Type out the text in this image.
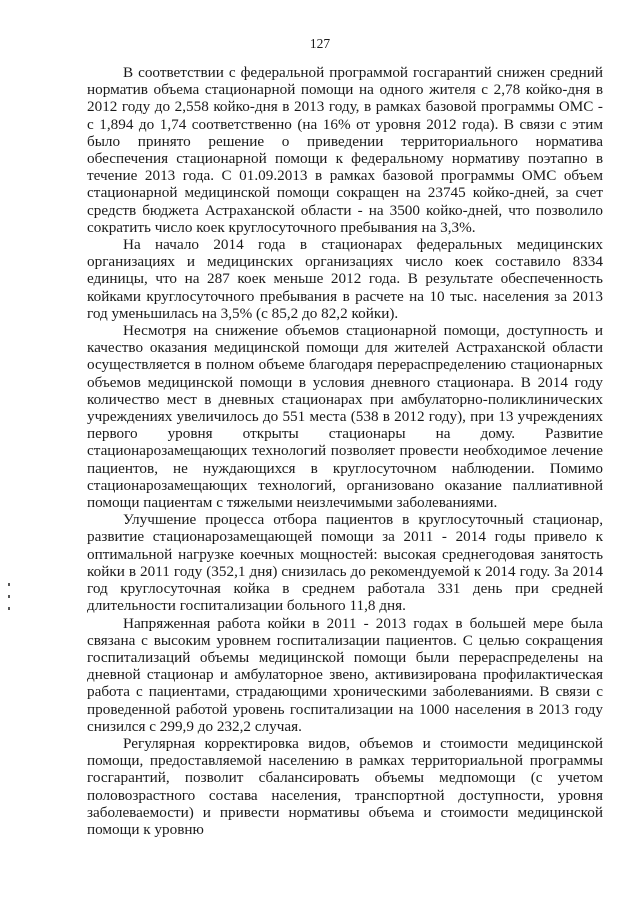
127

В соответствии с федеральной программой госгарантий снижен средний норматив объема стационарной помощи на одного жителя с 2,78 койко-дня в 2012 году до 2,558 койко-дня в 2013 году, в рамках базовой программы ОМС - с 1,894 до 1,74 соответственно (на 16% от уровня 2012 года). В связи с этим было принято решение о приведении территориального норматива обеспечения стационарной помощи к федеральному нормативу поэтапно в течение 2013 года. С 01.09.2013 в рамках базовой программы ОМС объем стационарной медицинской помощи сокращен на 23745 койко-дней, за счет средств бюджета Астраханской области - на 3500 койко-дней, что позволило сократить число коек круглосуточного пребывания на 3,3%.

На начало 2014 года в стационарах федеральных медицинских организациях и медицинских организациях число коек составило 8334 единицы, что на 287 коек меньше 2012 года. В результате обеспеченность койками круглосуточного пребывания в расчете на 10 тыс. населения за 2013 год уменьшилась на 3,5% (с 85,2 до 82,2 койки).

Несмотря на снижение объемов стационарной помощи, доступность и качество оказания медицинской помощи для жителей Астраханской области осуществляется в полном объеме благодаря перераспределению стационарных объемов медицинской помощи в условия дневного стационара. В 2014 году количество мест в дневных стационарах при амбулаторно-поликлинических учреждениях увеличилось до 551 места (538 в 2012 году), при 13 учреждениях первого уровня открыты стационары на дому. Развитие стационарозамещающих технологий позволяет провести необходимое лечение пациентов, не нуждающихся в круглосуточном наблюдении. Помимо стационарозамещающих технологий, организовано оказание паллиативной помощи пациентам с тяжелыми неизлечимыми заболеваниями.

Улучшение процесса отбора пациентов в круглосуточный стационар, развитие стационарозамещающей помощи за 2011 - 2014 годы привело к оптимальной нагрузке коечных мощностей: высокая среднегодовая занятость койки в 2011 году (352,1 дня) снизилась до рекомендуемой к 2014 году. За 2014 год круглосуточная койка в среднем работала 331 день при средней длительности госпитализации больного 11,8 дня.

Напряженная работа койки в 2011 - 2013 годах в большей мере была связана с высоким уровнем госпитализации пациентов. С целью сокращения госпитализаций объемы медицинской помощи были перераспределены на дневной стационар и амбулаторное звено, активизирована профилактическая работа с пациентами, страдающими хроническими заболеваниями. В связи с проведенной работой уровень госпитализации на 1000 населения в 2013 году снизился с 299,9 до 232,2 случая.

Регулярная корректировка видов, объемов и стоимости медицинской помощи, предоставляемой населению в рамках территориальной программы госгарантий, позволит сбалансировать объемы медпомощи (с учетом половозрастного состава населения, транспортной доступности, уровня заболеваемости) и привести нормативы объема и стоимости медицинской помощи к уровню
